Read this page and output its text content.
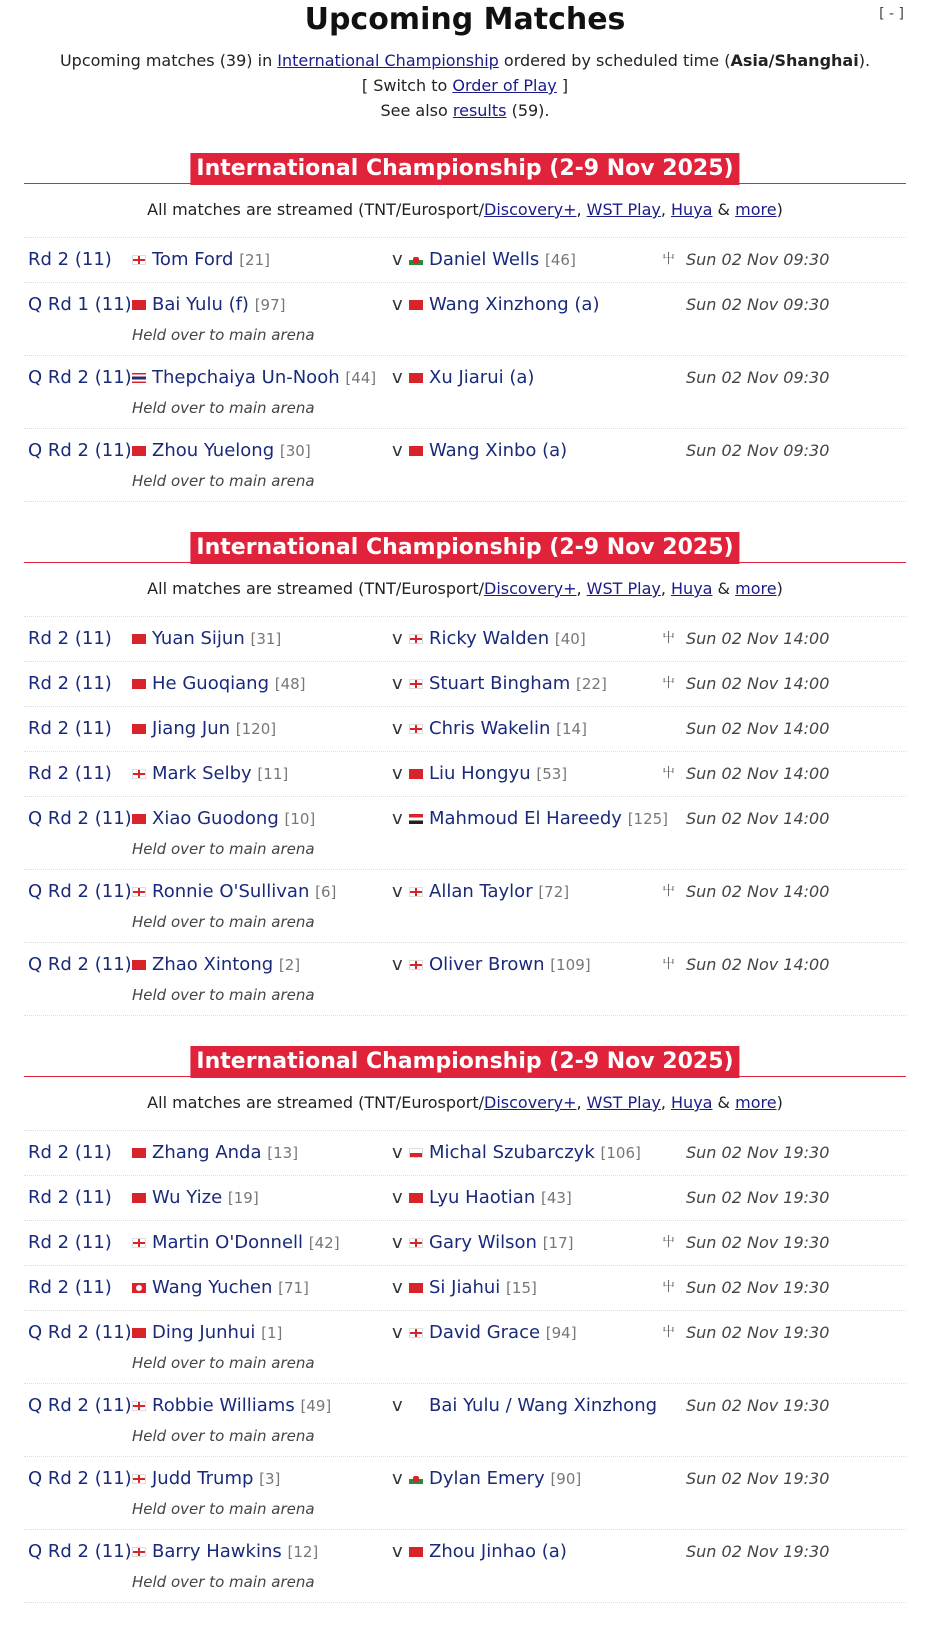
[ - ]
Upcoming Matches
Upcoming matches (39) in International Championship ordered by scheduled time (Asia/Shanghai).
[ Switch to Order of Play ]
See also results (59).
International Championship (2-9 Nov 2025)
All matches are streamed (TNT/Eurosport/Discovery+, WST Play, Huya & more)
Rd 2 (11)	Tom Ford [21]	v	Daniel Wells [46]	⼬ Sun 02 Nov 09:30
Q Rd 1 (11)	Bai Yulu (f) [97]	v	Wang Xinzhong (a)	Sun 02 Nov 09:30
Held over to main arena
Q Rd 2 (11)	Thepchaiya Un-Nooh [44] v	Xu Jiarui (a)	Sun 02 Nov 09:30
Held over to main arena
Q Rd 2 (11)	Zhou Yuelong [30]	v	Wang Xinbo (a)	Sun 02 Nov 09:30
Held over to main arena
International Championship (2-9 Nov 2025)
All matches are streamed (TNT/Eurosport/Discovery+, WST Play, Huya & more)
Rd 2 (11)	Yuan Sijun [31]	v	Ricky Walden [40]	⼬ Sun 02 Nov 14:00
Rd 2 (11)	He Guoqiang [48]	v	Stuart Bingham [22]	⼬ Sun 02 Nov 14:00
Rd 2 (11)	Jiang Jun [120]	v	Chris Wakelin [14]	Sun 02 Nov 14:00
Rd 2 (11)	Mark Selby [11]	v	Liu Hongyu [53]	⼬ Sun 02 Nov 14:00
Q Rd 2 (11)	Xiao Guodong [10]	v	Mahmoud El Hareedy [125] Sun 02 Nov 14:00
Held over to main arena
Q Rd 2 (11)	Ronnie O'Sullivan [6]	v	Allan Taylor [72]	⼬ Sun 02 Nov 14:00
Held over to main arena
Q Rd 2 (11)	Zhao Xintong [2]	v	Oliver Brown [109]	⼬ Sun 02 Nov 14:00
Held over to main arena
International Championship (2-9 Nov 2025)
All matches are streamed (TNT/Eurosport/Discovery+, WST Play, Huya & more)
Rd 2 (11)	Zhang Anda [13]	v	Michal Szubarczyk [106]	Sun 02 Nov 19:30
Rd 2 (11)	Wu Yize [19]	v	Lyu Haotian [43]	Sun 02 Nov 19:30
Rd 2 (11)	Martin O'Donnell [42]	v	Gary Wilson [17]	⼬ Sun 02 Nov 19:30
Rd 2 (11)	Wang Yuchen [71]	v	Si Jiahui [15]	⼬ Sun 02 Nov 19:30
Q Rd 2 (11)	Ding Junhui [1]	v	David Grace [94]	⼬ Sun 02 Nov 19:30
Held over to main arena
Q Rd 2 (11)	Robbie Williams [49]	v	Bai Yulu / Wang Xinzhong Sun 02 Nov 19:30
Held over to main arena
Q Rd 2 (11)	Judd Trump [3]	v	Dylan Emery [90]	Sun 02 Nov 19:30
Held over to main arena
Q Rd 2 (11)	Barry Hawkins [12]	v	Zhou Jinhao (a)	Sun 02 Nov 19:30
Held over to main arena
